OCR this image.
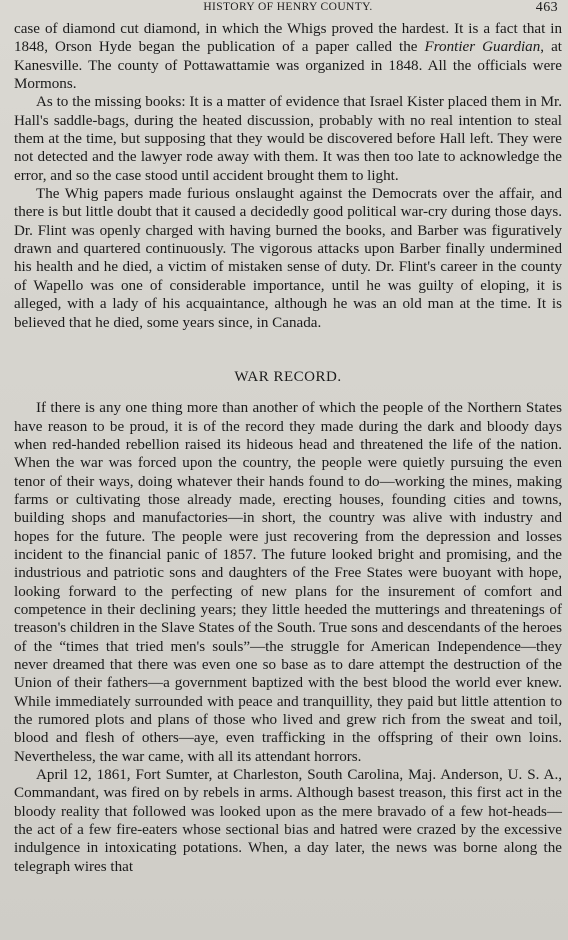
HISTORY OF HENRY COUNTY.	463

case of diamond cut diamond, in which the Whigs proved the hardest. It is a fact that in 1848, Orson Hyde began the publication of a paper called the Frontier Guardian, at Kanesville. The county of Pottawattamie was organized in 1848. All the officials were Mormons.

As to the missing books: It is a matter of evidence that Israel Kister placed them in Mr. Hall's saddle-bags, during the heated discussion, probably with no real intention to steal them at the time, but supposing that they would be discovered before Hall left. They were not detected and the lawyer rode away with them. It was then too late to acknowledge the error, and so the case stood until accident brought them to light.

The Whig papers made furious onslaught against the Democrats over the affair, and there is but little doubt that it caused a decidedly good political war-cry during those days. Dr. Flint was openly charged with having burned the books, and Barber was figuratively drawn and quartered continuously. The vigorous attacks upon Barber finally undermined his health and he died, a victim of mistaken sense of duty. Dr. Flint's career in the county of Wapello was one of considerable importance, until he was guilty of eloping, it is alleged, with a lady of his acquaintance, although he was an old man at the time. It is believed that he died, some years since, in Canada.

WAR RECORD.

If there is any one thing more than another of which the people of the Northern States have reason to be proud, it is of the record they made during the dark and bloody days when red-handed rebellion raised its hideous head and threatened the life of the nation. When the war was forced upon the country, the people were quietly pursuing the even tenor of their ways, doing whatever their hands found to do—working the mines, making farms or cultivating those already made, erecting houses, founding cities and towns, building shops and manufactories—in short, the country was alive with industry and hopes for the future. The people were just recovering from the depression and losses incident to the financial panic of 1857. The future looked bright and promising, and the industrious and patriotic sons and daughters of the Free States were buoyant with hope, looking forward to the perfecting of new plans for the insurement of comfort and competence in their declining years; they little heeded the mutterings and threatenings of treason's children in the Slave States of the South. True sons and descendants of the heroes of the “times that tried men's souls”—the struggle for American Independence—they never dreamed that there was even one so base as to dare attempt the destruction of the Union of their fathers—a government baptized with the best blood the world ever knew. While immediately surrounded with peace and tranquillity, they paid but little attention to the rumored plots and plans of those who lived and grew rich from the sweat and toil, blood and flesh of others—aye, even trafficking in the offspring of their own loins. Nevertheless, the war came, with all its attendant horrors.

April 12, 1861, Fort Sumter, at Charleston, South Carolina, Maj. Anderson, U. S. A., Commandant, was fired on by rebels in arms. Although basest treason, this first act in the bloody reality that followed was looked upon as the mere bravado of a few hot-heads—the act of a few fire-eaters whose sectional bias and hatred were crazed by the excessive indulgence in intoxicating potations. When, a day later, the news was borne along the telegraph wires that
